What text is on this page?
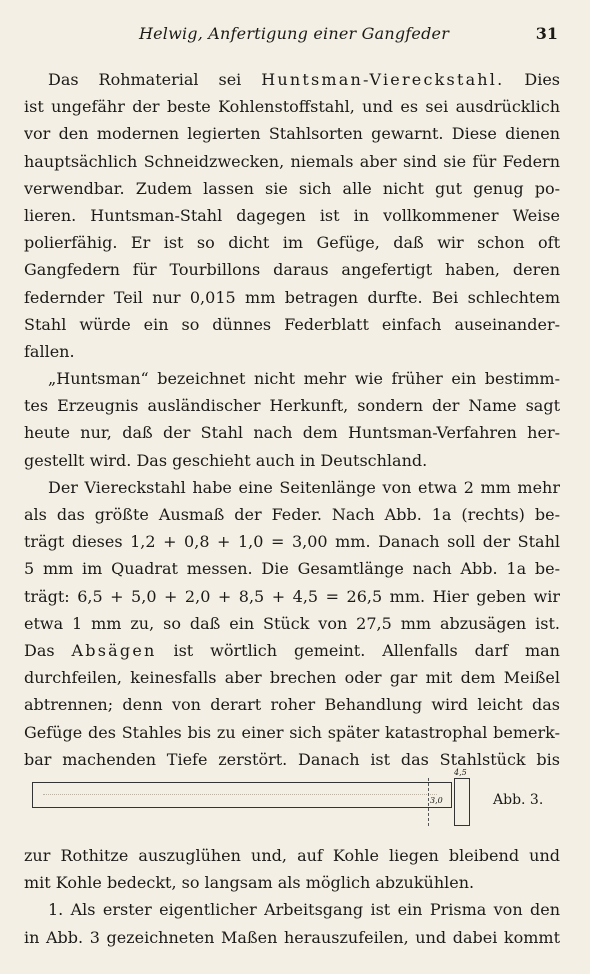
Helwig, Anfertigung einer Gangfeder	31
Das Rohmaterial sei Huntsman-Viereckstahl. Dies
ist ungefähr der beste Kohlenstoffstahl, und es sei ausdrücklich
vor den modernen legierten Stahlsorten gewarnt. Diese dienen
hauptsächlich Schneidzwecken, niemals aber sind sie für Federn
verwendbar. Zudem lassen sie sich alle nicht gut genug po-
lieren. Huntsman-Stahl dagegen ist in vollkommener Weise
polierfähig. Er ist so dicht im Gefüge, daß wir schon oft
Gangfedern für Tourbillons daraus angefertigt haben, deren
federnder Teil nur 0,015 mm betragen durfte. Bei schlechtem
Stahl würde ein so dünnes Federblatt einfach auseinander-
fallen.
„Huntsman“ bezeichnet nicht mehr wie früher ein bestimm-
tes Erzeugnis ausländischer Herkunft, sondern der Name sagt
heute nur, daß der Stahl nach dem Huntsman-Verfahren her-
gestellt wird. Das geschieht auch in Deutschland.
Der Viereckstahl habe eine Seitenlänge von etwa 2 mm mehr
als das größte Ausmaß der Feder. Nach Abb. 1a (rechts) be-
trägt dieses 1,2 + 0,8 + 1,0 = 3,00 mm. Danach soll der Stahl
5 mm im Quadrat messen. Die Gesamtlänge nach Abb. 1a be-
trägt: 6,5 + 5,0 + 2,0 + 8,5 + 4,5 = 26,5 mm. Hier geben wir
etwa 1 mm zu, so daß ein Stück von 27,5 mm abzusägen ist.
Das Absägen ist wörtlich gemeint. Allenfalls darf man
durchfeilen, keinesfalls aber brechen oder gar mit dem Meißel
abtrennen; denn von derart roher Behandlung wird leicht das
Gefüge des Stahles bis zu einer sich später katastrophal bemerk-
bar machenden Tiefe zerstört. Danach ist das Stahlstück bis
3,0
4,5
Abb. 3.
zur Rothitze auszuglühen und, auf Kohle liegen bleibend und
mit Kohle bedeckt, so langsam als möglich abzukühlen.
1. Als erster eigentlicher Arbeitsgang ist ein Prisma von den
in Abb. 3 gezeichneten Maßen herauszufeilen, und dabei kommt
